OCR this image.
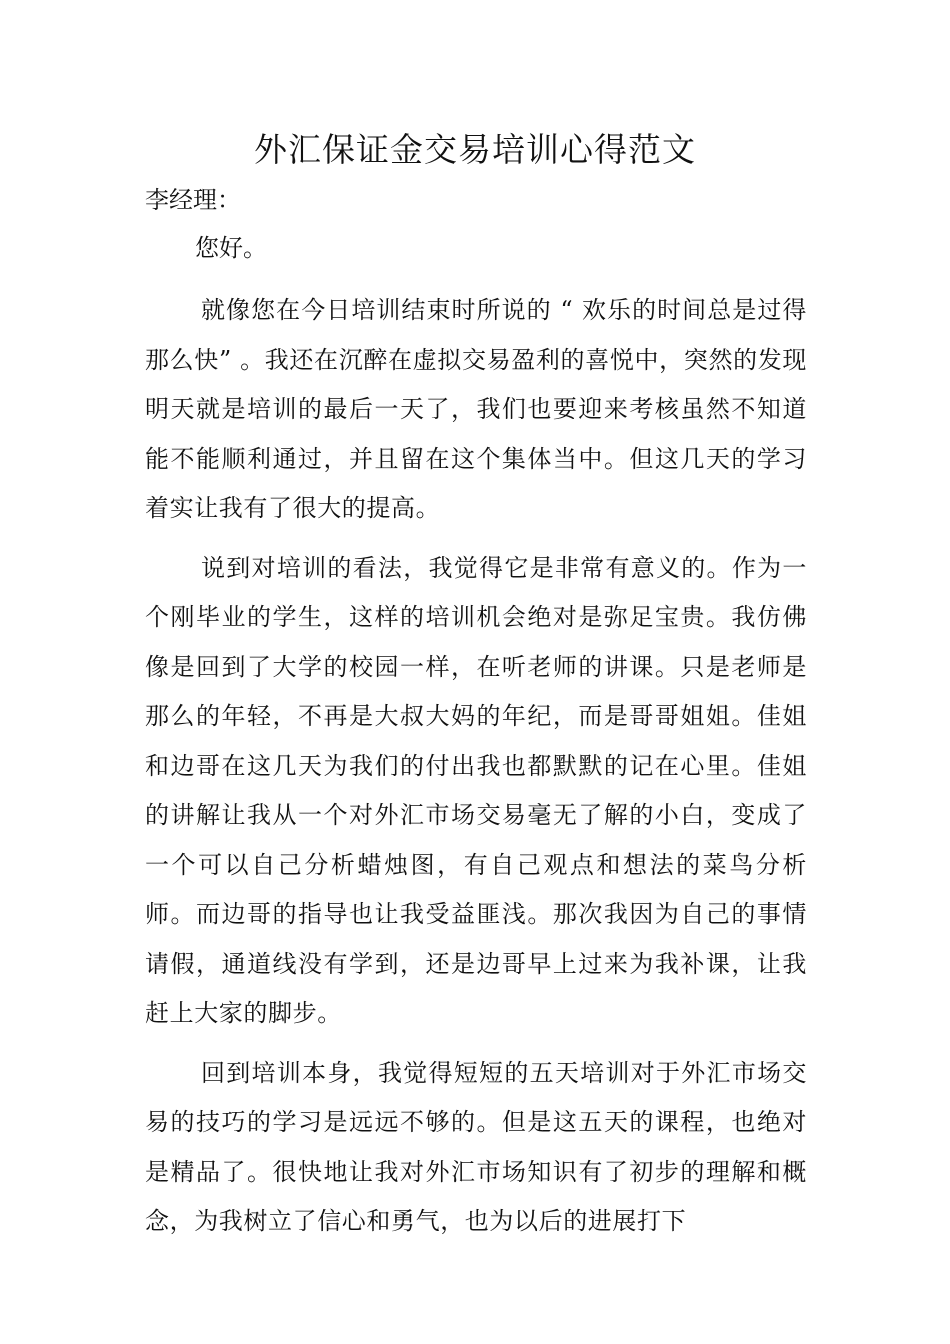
外汇保证金交易培训心得范文

李经理：

您好。

就像您在今日培训结束时所说的 “ 欢乐的时间总是过得那么快” 。我还在沉醉在虚拟交易盈利的喜悦中，突然的发现明天就是培训的最后一天了，我们也要迎来考核虽然不知道能不能顺利通过，并且留在这个集体当中。但这几天的学习着实让我有了很大的提高。

说到对培训的看法，我觉得它是非常有意义的。作为一个刚毕业的学生，这样的培训机会绝对是弥足宝贵。我仿佛像是回到了大学的校园一样，在听老师的讲课。只是老师是那么的年轻，不再是大叔大妈的年纪，而是哥哥姐姐。佳姐和边哥在这几天为我们的付出我也都默默的记在心里。佳姐的讲解让我从一个对外汇市场交易毫无了解的小白，变成了一个可以自己分析蜡烛图，有自己观点和想法的菜鸟分析师。而边哥的指导也让我受益匪浅。那次我因为自己的事情请假，通道线没有学到，还是边哥早上过来为我补课，让我赶上大家的脚步。

回到培训本身，我觉得短短的五天培训对于外汇市场交易的技巧的学习是远远不够的。但是这五天的课程，也绝对是精品了。很快地让我对外汇市场知识有了初步的理解和概念，为我树立了信心和勇气，也为以后的进展打下
